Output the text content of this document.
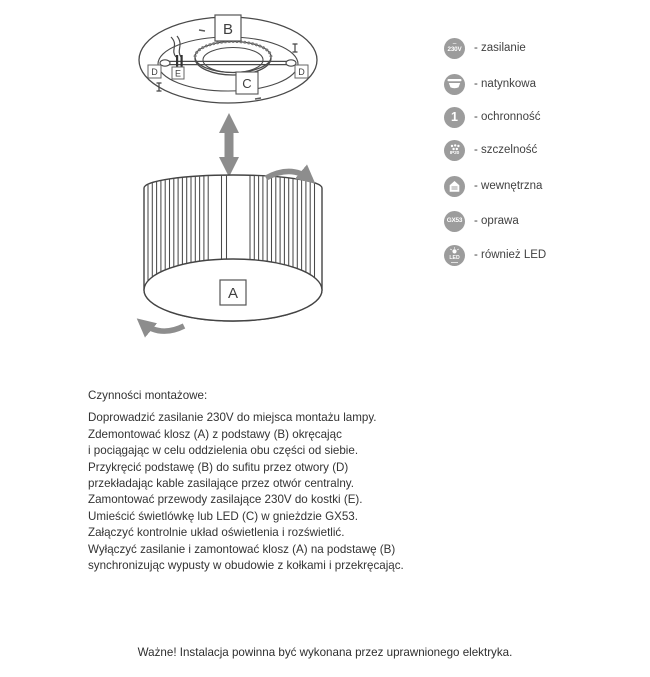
B
C
D E	D
A
~
230V - zasilanie
- natynkowa
1 - ochronność
IP20 - szczelność
- wewnętrzna
GX53 - oprawa
LED - również LED
Czynności montażowe:
Doprowadzić zasilanie 230V do miejsca montażu lampy.
Zdemontować klosz (A) z podstawy (B) okręcając
i pociągając w celu oddzielenia obu części od siebie.
Przykręcić podstawę (B) do sufitu przez otwory (D)
przekładając kable zasilające przez otwór centralny.
Zamontować przewody zasilające 230V do kostki (E).
Umieścić świetlówkę lub LED (C) w gnieżdzie GX53.
Załączyć kontrolnie układ oświetlenia i rozświetlić.
Wyłączyć zasilanie i zamontować klosz (A) na podstawę (B)
synchronizując wypusty w obudowie z kołkami i przekręcając.
Ważne! Instalacja powinna być wykonana przez uprawnionego elektryka.
